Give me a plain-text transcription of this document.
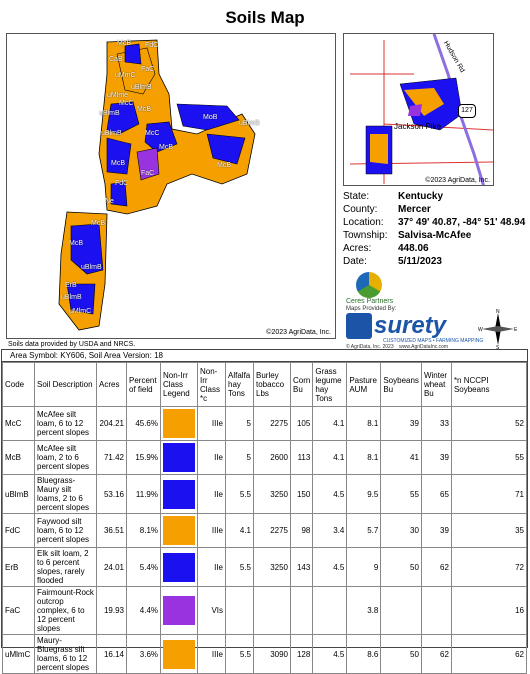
Soils Map
McB FdC
CaB
uMmC
FaC
uBlmB
uMlme
McC
McB
uBlmB
uBlmB	McC
MoB
uBlmB
McB
FaC
McB	McB
FdC
Ne
McB
McB
uBlmB
ErB
uBlmB
uMlmC
©2023 AgriData, Inc.
Hudson Rd
Jackson Pike
127
©2023 AgriData, Inc.
State:	Kentucky
County: Mercer
Location: 37° 49' 40.87, -84° 51' 48.94
Township: Salvisa-McAfee
Acres:	448.06
Date:	5/11/2023
Ceres Partners
Maps Provided By:
surety
CUSTOMIZED MAPS • FARMING MAPPING
© AgriData, Inc. 2023 www.AgriDataInc.com
N
E
S
W
Soils data provided by USDA and NRCS.
Area Symbol: KY606, Soil Area Version: 18
Code	Soil Description	Acres	Percent of field	Non-Irr Class Legend	Non-Irr Class *c	Alfalfa hay Tons	Burley tobacco Lbs	Corn Bu	Grass legume hay Tons	Pasture AUM	Soybeans Bu	Winter wheat Bu	*n NCCPI Soybeans
McC	McAfee silt loam, 6 to 12 percent slopes	204.21	45.6%		IIIe	5	2275	105	4.1	8.1	39	33	52
McB	McAfee silt loam, 2 to 6 percent slopes	71.42	15.9%		IIe	5	2600	113	4.1	8.1	41	39	55
uBlmB	Bluegrass-Maury silt loams, 2 to 6 percent slopes	53.16	11.9%		IIe	5.5	3250	150	4.5	9.5	55	65	71
FdC	Faywood silt loam, 6 to 12 percent slopes	36.51	8.1%		IIIe	4.1	2275	98	3.4	5.7	30	39	35
ErB	Elk silt loam, 2 to 6 percent slopes, rarely flooded	24.01	5.4%		IIe	5.5	3250	143	4.5	9	50	62	72
FaC	Fairmount-Rock outcrop complex, 6 to 12 percent slopes	19.93	4.4%		VIs					3.8			16
uMlmC	Maury-Bluegrass silt loams, 6 to 12 percent slopes	16.14	3.6%		IIIe	5.5	3090	128	4.5	8.6	50	62	62
